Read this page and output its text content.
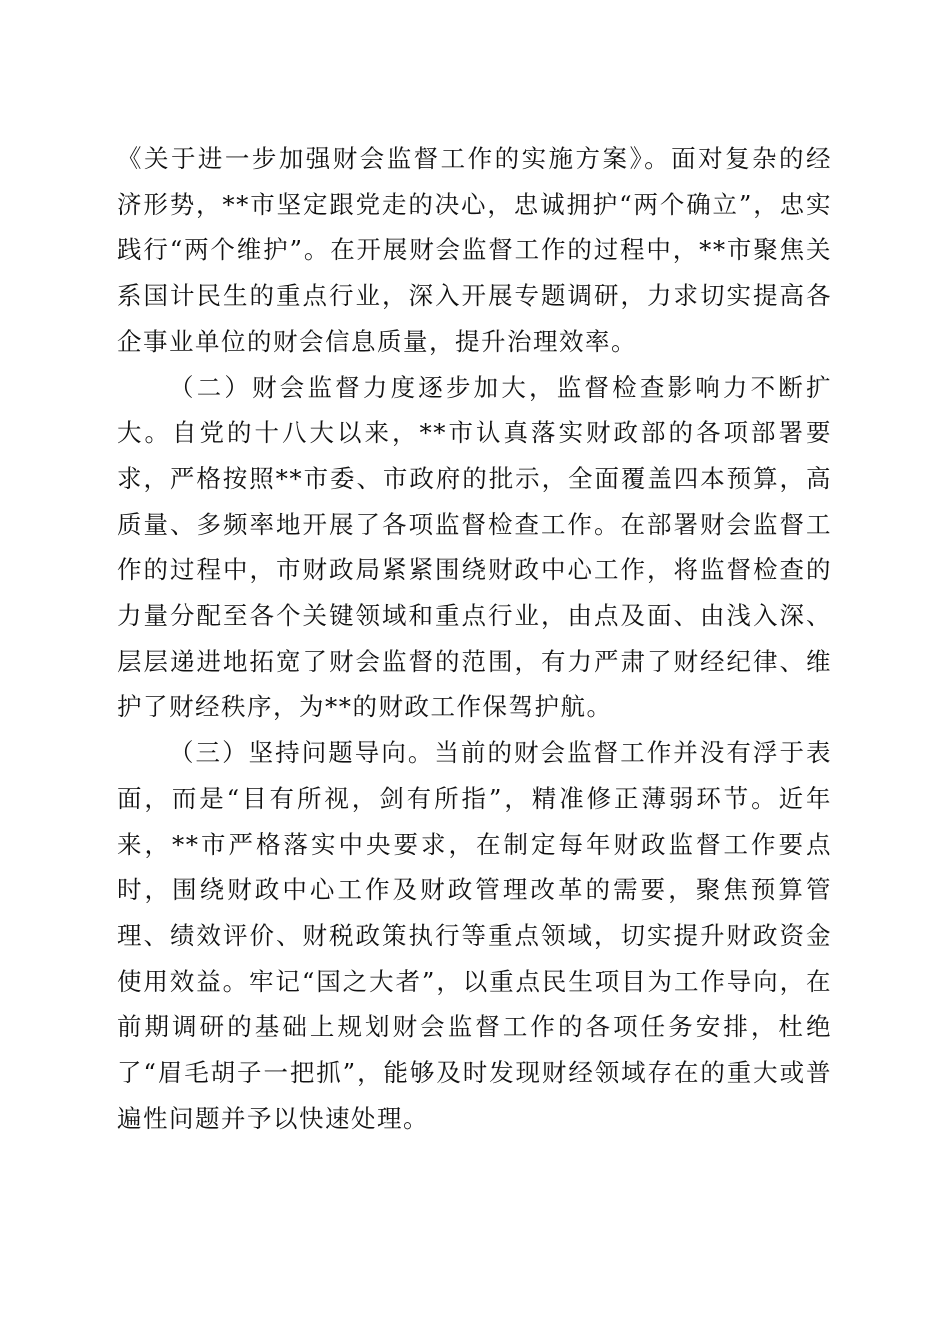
《关于进一步加强财会监督工作的实施方案》。面对复杂的经济形势，**市坚定跟党走的决心，忠诚拥护“两个确立”，忠实践行“两个维护”。在开展财会监督工作的过程中，**市聚焦关系国计民生的重点行业，深入开展专题调研，力求切实提高各企事业单位的财会信息质量，提升治理效率。

（二）财会监督力度逐步加大，监督检查影响力不断扩大。自党的十八大以来，**市认真落实财政部的各项部署要求，严格按照**市委、市政府的批示，全面覆盖四本预算，高质量、多频率地开展了各项监督检查工作。在部署财会监督工作的过程中，市财政局紧紧围绕财政中心工作，将监督检查的力量分配至各个关键领域和重点行业，由点及面、由浅入深、层层递进地拓宽了财会监督的范围，有力严肃了财经纪律、维护了财经秩序，为**的财政工作保驾护航。

（三）坚持问题导向。当前的财会监督工作并没有浮于表面，而是“目有所视，剑有所指”，精准修正薄弱环节。近年来，**市严格落实中央要求，在制定每年财政监督工作要点时，围绕财政中心工作及财政管理改革的需要，聚焦预算管理、绩效评价、财税政策执行等重点领域，切实提升财政资金使用效益。牢记“国之大者”，以重点民生项目为工作导向，在前期调研的基础上规划财会监督工作的各项任务安排，杜绝了“眉毛胡子一把抓”，能够及时发现财经领域存在的重大或普遍性问题并予以快速处理。
